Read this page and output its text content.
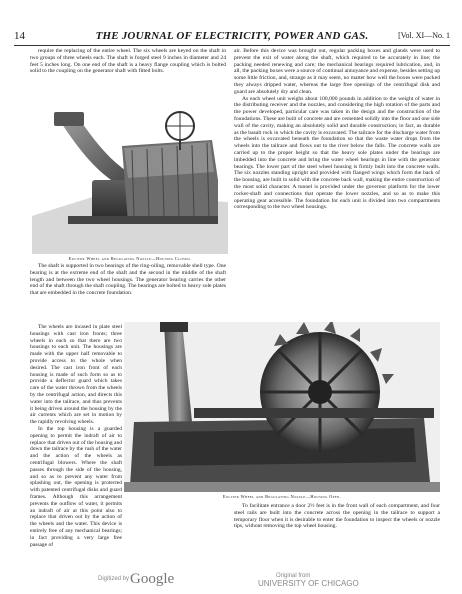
14	THE JOURNAL OF ELECTRICITY, POWER AND GAS.	[Vol. XI—No. 1

require the replacing of the entire wheel. The six wheels are keyed on the shaft in two groups of three wheels each. The shaft is forged steel 9 inches in diameter and 24 feet 5 inches long. On one end of the shaft is a heavy flange coupling which is bolted solid to the coupling on the generator shaft with fitted bolts.

air. Before this device was brought out, regular packing boxes and glands were used to prevent the exit of water along the shaft, which required to be accurately in line; the packing needed renewing and care; the mechanical bearings required lubrication, and, in all, the packing boxes were a source of continual annoyance and expense, besides setting up some little friction, and, strange as it may seem, no matter how well the boxes were packed they always dripped water, whereas the large free openings of the centrifugal disk and guard are absolutely dry and clean.

As each wheel unit weighs about 100,000 pounds in addition to the weight of water in the distributing receiver and the nozzles, and considering the high rotation of the parts and the power developed, particular care was taken in the design and the construction of the foundations. These are built of concrete and are cemented solidly into the floor and one side wall of the cavity, making an absolutely solid and durable construction; in fact, as durable as the basalt rock in which the cavity is excavated. The tailrace for the discharge water from the wheels is excavated beneath the foundation so that the waste water drops from the wheels into the tailrace and flows out to the river below the falls. The concrete walls are carried up to the proper height so that the heavy sole plates under the bearings are imbedded into the concrete and bring the water wheel bearings in line with the generator bearings. The lower part of the steel wheel housing is firmly built into the concrete walls. The six nozzles standing upright and provided with flanged wings which form the back of the housing, are built in solid with the concrete back wall, making the entire construction of the most solid character. A tunnel is provided under the governor platform for the lower rocker-shaft and connections that operate the lower nozzles, and so as to make this operating gear accessible. The foundation for each unit is divided into two compartments corresponding to the two wheel housings.

Exciter Wheel and Regulating Nozzle—Housing Closed.

The shaft is supported in two bearings of the ring-oiling, removable shell type. One bearing is at the extreme end of the shaft and the second in the middle of the shaft length and between the two wheel housings. The generator bearing carries the other end of the shaft through the shaft coupling. The bearings are bolted to heavy sole plates that are embedded in the concrete foundation.

The wheels are incased in plate steel housings with cast iron fronts; three wheels in each so that there are two housings to each unit. The housings are made with the upper half removable to provide access to the whole when desired. The cast iron front of each housing is made of such form so as to provide a deflector guard which takes care of the water thrown from the wheels by the centrifugal action, and directs this water into the tailrace, and thus prevents it being driven around the housing by the air currents which are set in motion by the rapidly revolving wheels.

In the top housing is a guarded opening to permit the indraft of air to replace that driven out of the housing and down the tailrace by the rush of the water and the action of the wheels as centrifugal blowers. Where the shaft passes through the side of the housing, and so as to prevent any water from splashing out, the opening is protected with patented centrifugal disks and guard frames. Although this arrangement prevents the outflow of water, it permits an indraft of air at this point also to replace that driven out by the action of the wheels and the water. This device is entirely free of any mechanical bearings; in fact providing a very large free passage of

Exciter Wheel and Regulating Nozzle—Housing Open.

To facilitate entrance a door 2½ feet is in the front wall of each compartment, and four steel rails are built into the concrete across the opening in the tailrace to support a temporary floor when it is desirable to enter the foundation to inspect the wheels or nozzle tips, without removing the top wheel housing.

Digitized by Google	Original from
UNIVERSITY OF CHICAGO
